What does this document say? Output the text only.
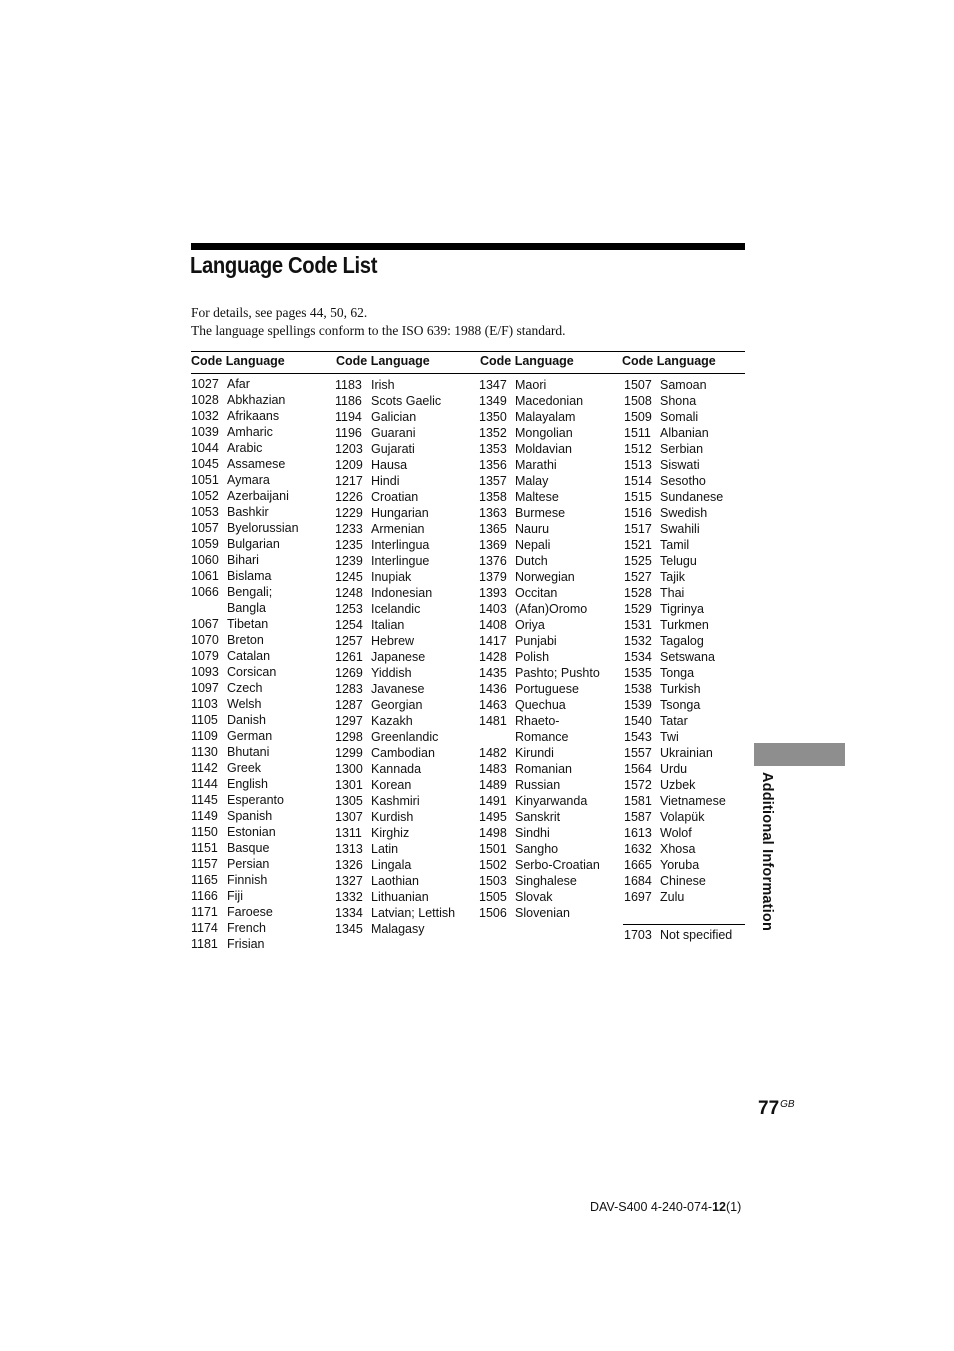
Language Code List
For details, see pages 44, 50, 62.
The language spellings conform to the ISO 639: 1988 (E/F) standard.
Code Language	Code Language	Code Language	Code Language
1027 Afar
1028 Abkhazian
1032 Afrikaans
1039 Amharic
1044 Arabic
1045 Assamese
1051 Aymara
1052 Azerbaijani
1053 Bashkir
1057 Byelorussian
1059 Bulgarian
1060 Bihari
1061 Bislama
1066 Bengali;
Bangla
1067 Tibetan
1070 Breton
1079 Catalan
1093 Corsican
1097 Czech
1103 Welsh
1105 Danish
1109 German
1130 Bhutani
1142 Greek
1144 English
1145 Esperanto
1149 Spanish
1150 Estonian
1151 Basque
1157 Persian
1165 Finnish
1166 Fiji
1171 Faroese
1174 French
1181 Frisian
1183 Irish
1186 Scots Gaelic
1194 Galician
1196 Guarani
1203 Gujarati
1209 Hausa
1217 Hindi
1226 Croatian
1229 Hungarian
1233 Armenian
1235 Interlingua
1239 Interlingue
1245 Inupiak
1248 Indonesian
1253 Icelandic
1254 Italian
1257 Hebrew
1261 Japanese
1269 Yiddish
1283 Javanese
1287 Georgian
1297 Kazakh
1298 Greenlandic
1299 Cambodian
1300 Kannada
1301 Korean
1305 Kashmiri
1307 Kurdish
1311 Kirghiz
1313 Latin
1326 Lingala
1327 Laothian
1332 Lithuanian
1334 Latvian; Lettish
1345 Malagasy
1347 Maori
1349 Macedonian
1350 Malayalam
1352 Mongolian
1353 Moldavian
1356 Marathi
1357 Malay
1358 Maltese
1363 Burmese
1365 Nauru
1369 Nepali
1376 Dutch
1379 Norwegian
1393 Occitan
1403 (Afan)Oromo
1408 Oriya
1417 Punjabi
1428 Polish
1435 Pashto; Pushto
1436 Portuguese
1463 Quechua
1481 Rhaeto-
Romance
1482 Kirundi
1483 Romanian
1489 Russian
1491 Kinyarwanda
1495 Sanskrit
1498 Sindhi
1501 Sangho
1502 Serbo-Croatian
1503 Singhalese
1505 Slovak
1506 Slovenian
1507 Samoan
1508 Shona
1509 Somali
1511 Albanian
1512 Serbian
1513 Siswati
1514 Sesotho
1515 Sundanese
1516 Swedish
1517 Swahili
1521 Tamil
1525 Telugu
1527 Tajik
1528 Thai
1529 Tigrinya
1531 Turkmen
1532 Tagalog
1534 Setswana
1535 Tonga
1538 Turkish
1539 Tsonga
1540 Tatar
1543 Twi
1557 Ukrainian
1564 Urdu
1572 Uzbek
1581 Vietnamese
1587 Volapük
1613 Wolof
1632 Xhosa
1665 Yoruba
1684 Chinese
1697 Zulu
1703 Not specified
Additional Information
$77^{GB}$
DAV-S400 4-240-074-12(1)
